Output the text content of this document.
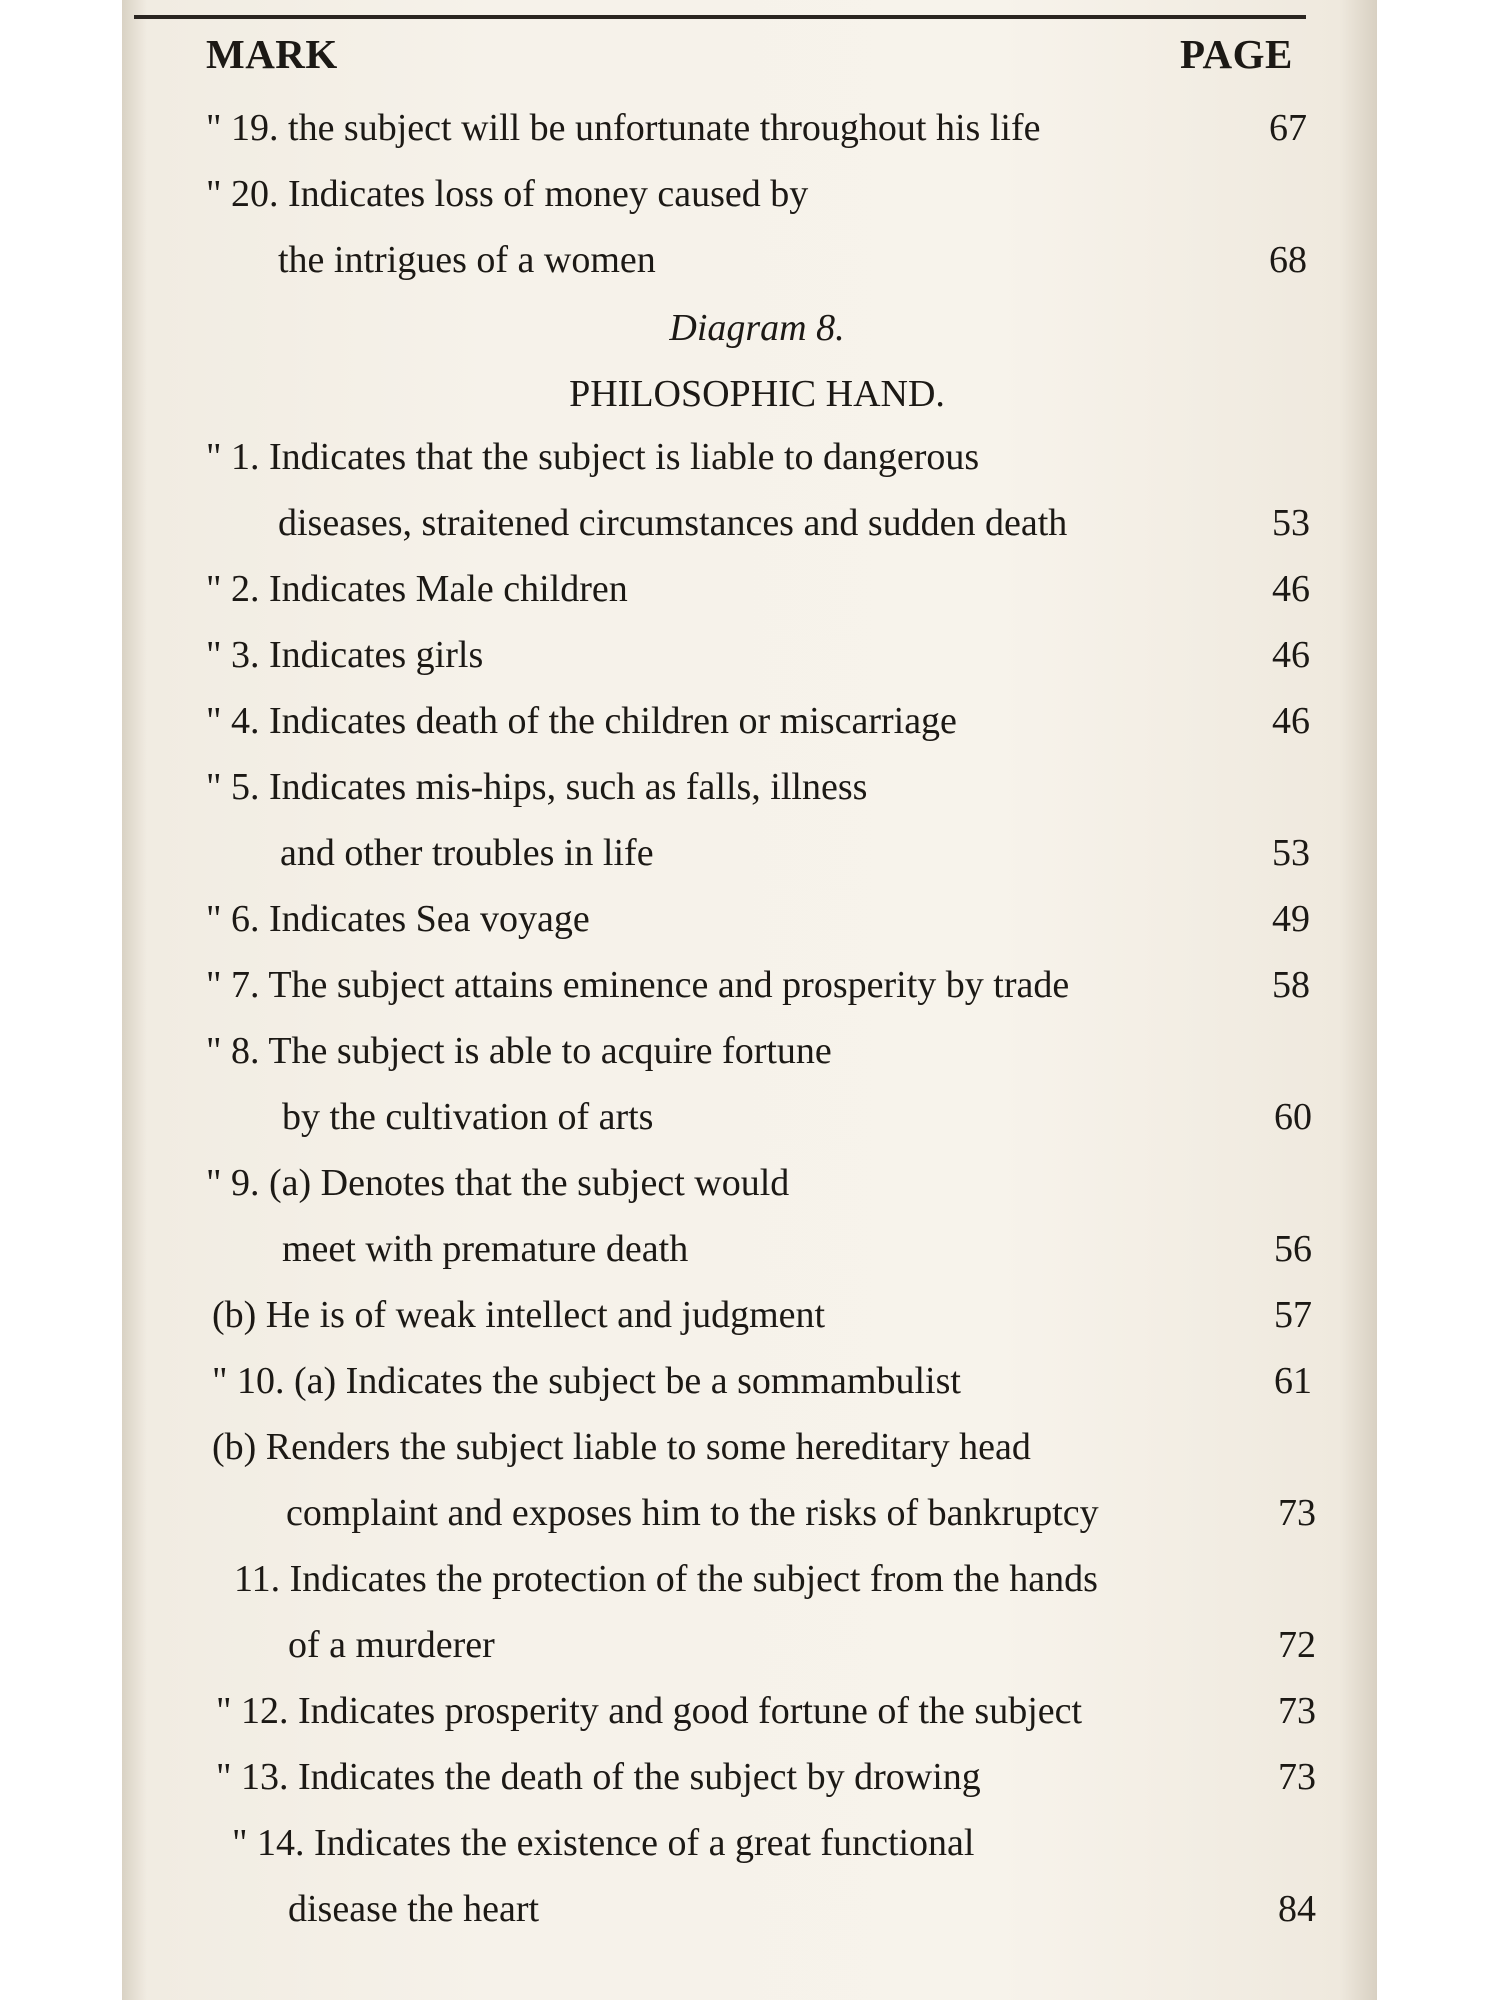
MARK	PAGE
" 19. the subject will be unfortunate throughout his life	67
" 20. Indicates loss of money caused by
the intrigues of a women	68
Diagram 8.
PHILOSOPHIC HAND.
" 1. Indicates that the subject is liable to dangerous
diseases, straitened circumstances and sudden death	53
" 2. Indicates Male children	46
" 3. Indicates girls	46
" 4. Indicates death of the children or miscarriage	46
" 5. Indicates mis-hips, such as falls, illness
and other troubles in life	53
" 6. Indicates Sea voyage	49
" 7. The subject attains eminence and prosperity by trade	58
" 8. The subject is able to acquire fortune
by the cultivation of arts	60
" 9. (a) Denotes that the subject would
meet with premature death	56
(b) He is of weak intellect and judgment	57
" 10. (a) Indicates the subject be a sommambulist	61
(b) Renders the subject liable to some hereditary head
complaint and exposes him to the risks of bankruptcy	73
11. Indicates the protection of the subject from the hands
of a murderer	72
" 12. Indicates prosperity and good fortune of the subject	73
" 13. Indicates the death of the subject by drowing	73
" 14. Indicates the existence of a great functional
disease the heart	84
